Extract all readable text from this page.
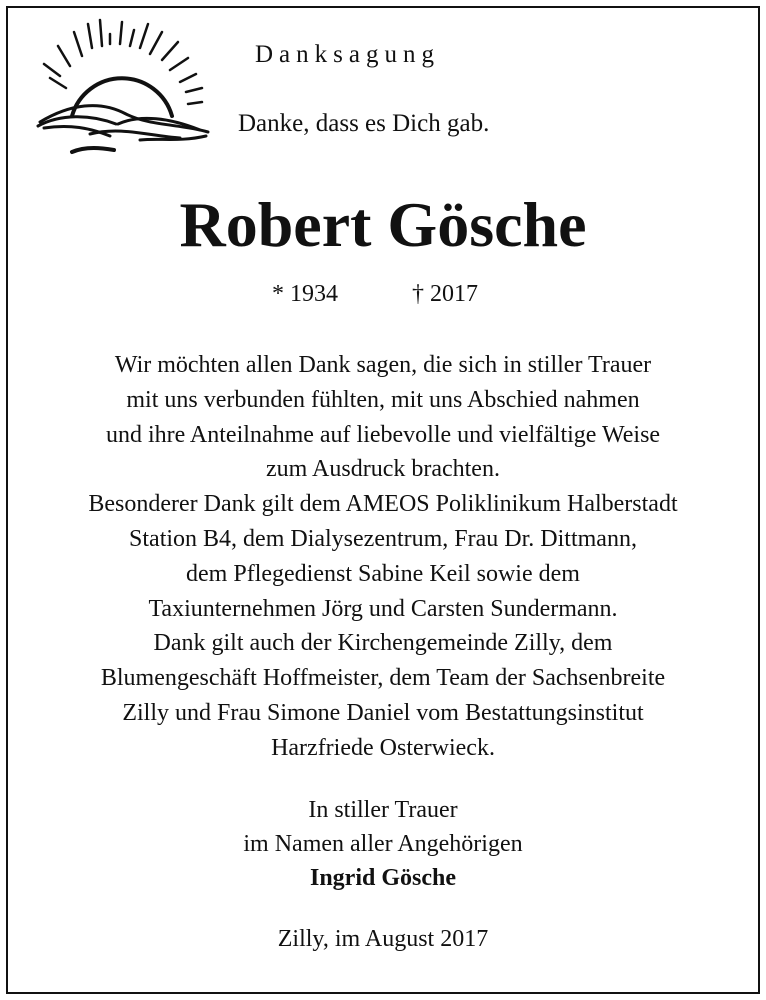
Danksagung
Danke, dass es Dich gab.
Robert Gösche
* 1934	† 2017
Wir möchten allen Dank sagen, die sich in stiller Trauer
mit uns verbunden fühlten, mit uns Abschied nahmen
und ihre Anteilnahme auf liebevolle und vielfältige Weise
zum Ausdruck brachten.
Besonderer Dank gilt dem AMEOS Poliklinikum Halberstadt
Station B4, dem Dialysezentrum, Frau Dr. Dittmann,
dem Pflegedienst Sabine Keil sowie dem
Taxiunternehmen Jörg und Carsten Sundermann.
Dank gilt auch der Kirchengemeinde Zilly, dem
Blumengeschäft Hoffmeister, dem Team der Sachsenbreite
Zilly und Frau Simone Daniel vom Bestattungsinstitut
Harzfriede Osterwieck.
In stiller Trauer
im Namen aller Angehörigen
Ingrid Gösche
Zilly, im August 2017
